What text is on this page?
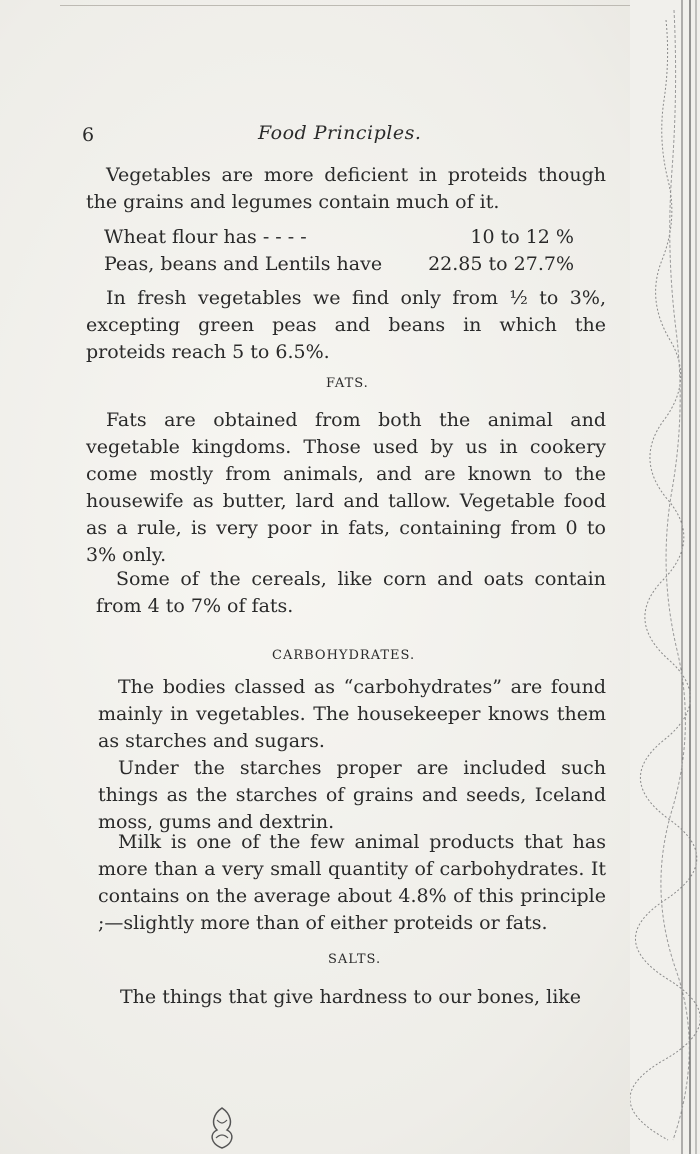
6	Food Principles.

Vegetables are more deficient in proteids though the grains and legumes contain much of it.

Wheat flour has - - - -	10 to 12 %
Peas, beans and Lentils have 22.85 to 27.7%

In fresh vegetables we find only from ½ to 3%, excepting green peas and beans in which the proteids reach 5 to 6.5%.

FATS.

Fats are obtained from both the animal and vegetable kingdoms. Those used by us in cookery come mostly from animals, and are known to the housewife as butter, lard and tallow. Vegetable food as a rule, is very poor in fats, containing from 0 to 3% only.

Some of the cereals, like corn and oats contain from 4 to 7% of fats.

CARBOHYDRATES.

The bodies classed as “carbohydrates” are found mainly in vegetables. The housekeeper knows them as starches and sugars.

Under the starches proper are included such things as the starches of grains and seeds, Iceland moss, gums and dextrin.

Milk is one of the few animal products that has more than a very small quantity of carbohydrates. It contains on the average about 4.8% of this principle ;—slightly more than of either proteids or fats.

SALTS.

The things that give hardness to our bones, like
